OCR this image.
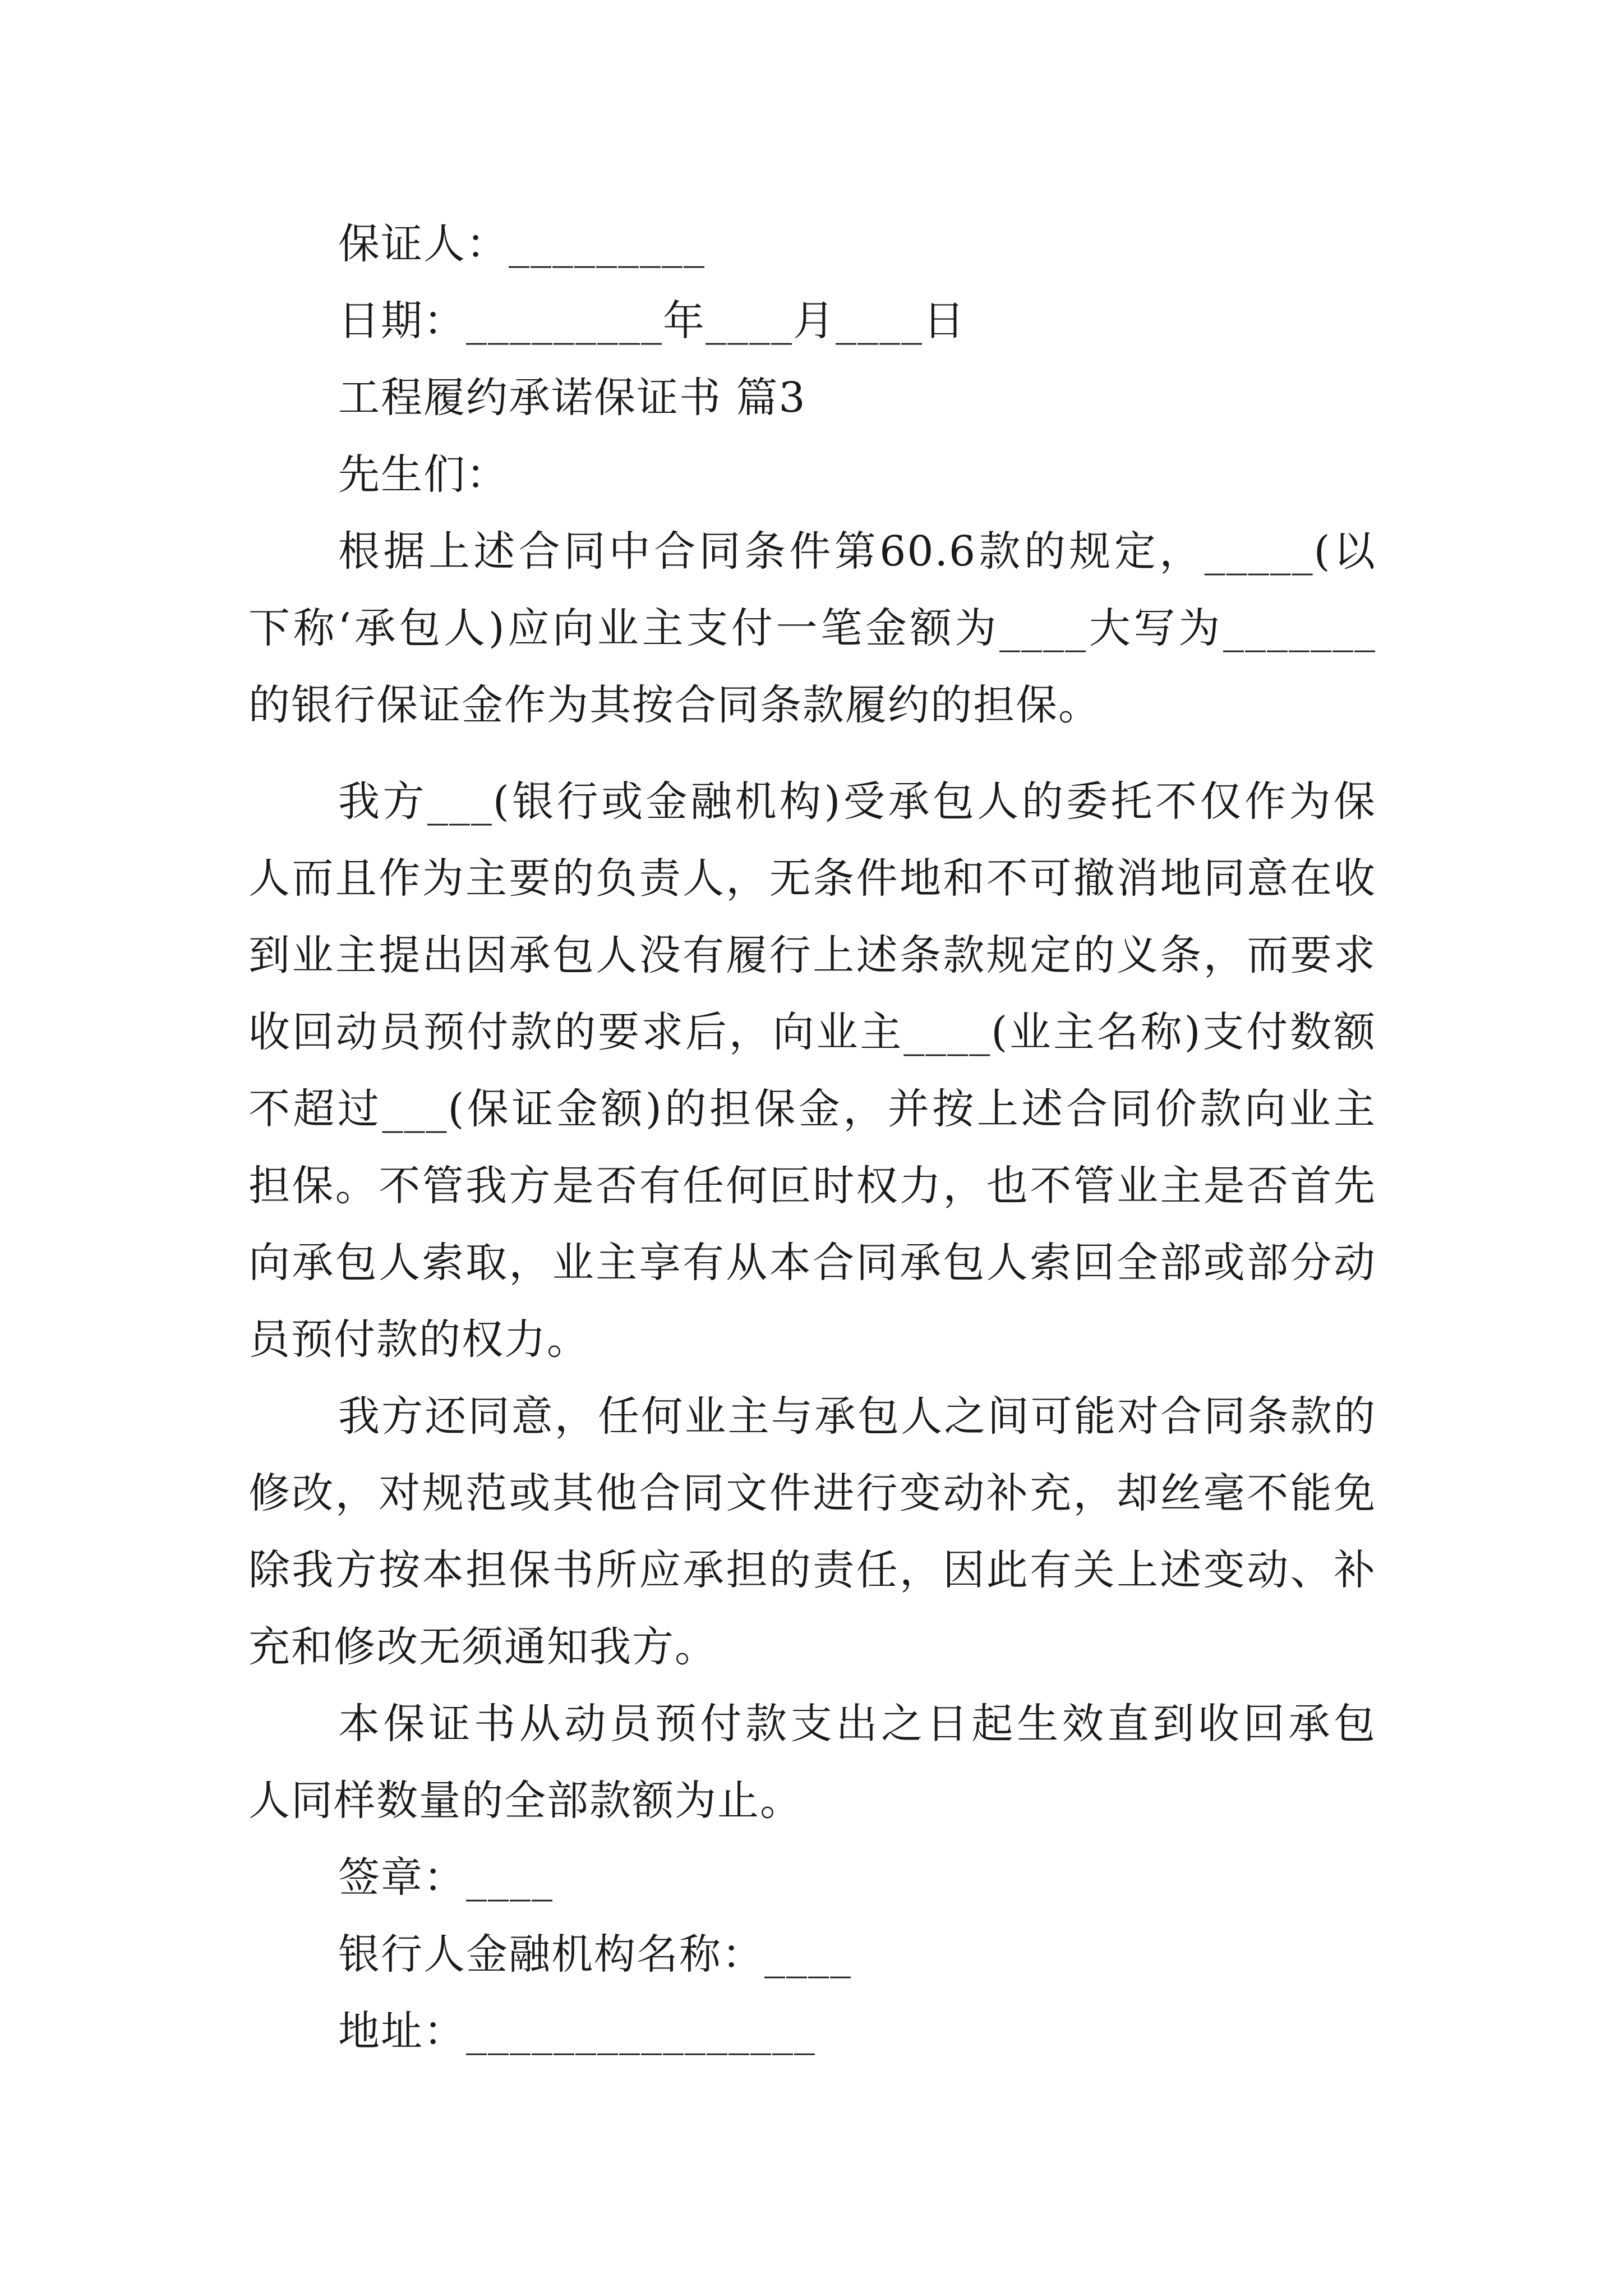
保证人：_________
日期：_________年____月____日
工程履约承诺保证书 篇3
先生们：
根据上述合同中合同条件第60.6款的规定，_____(以
下称‘承包人)应向业主支付一笔金额为____大写为_______
的银行保证金作为其按合同条款履约的担保。
我方___(银行或金融机构)受承包人的委托不仅作为保
人而且作为主要的负责人，无条件地和不可撤消地同意在收
到业主提出因承包人没有履行上述条款规定的义条，而要求
收回动员预付款的要求后，向业主____(业主名称)支付数额
不超过___(保证金额)的担保金，并按上述合同价款向业主
担保。不管我方是否有任何叵时权力，也不管业主是否首先
向承包人索取，业主享有从本合同承包人索回全部或部分动
员预付款的权力。
我方还同意，任何业主与承包人之间可能对合同条款的
修改，对规范或其他合同文件进行变动补充，却丝毫不能免
除我方按本担保书所应承担的责任，因此有关上述变动、补
充和修改无须通知我方。
本保证书从动员预付款支出之日起生效直到收回承包
人同样数量的全部款额为止。
签章：____
银行人金融机构名称：____
地址：________________
